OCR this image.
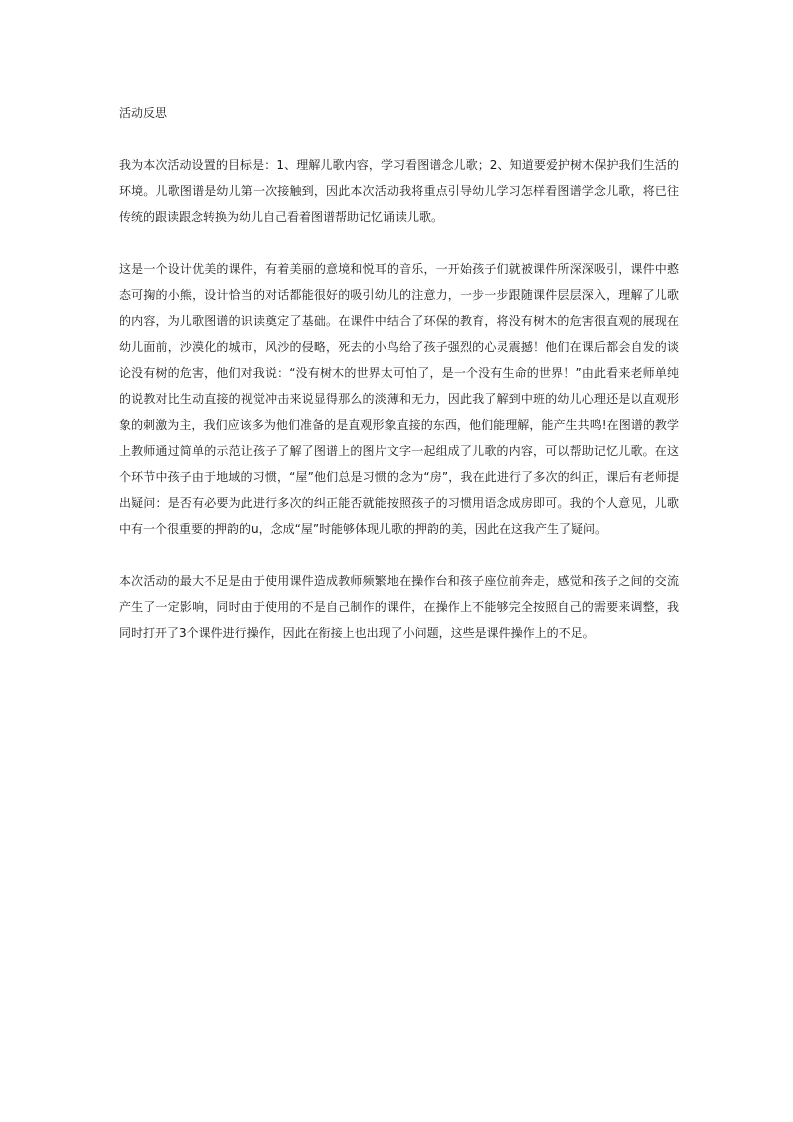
活动反思

我为本次活动设置的目标是：1、理解儿歌内容，学习看图谱念儿歌；2、知道要爱护树木保护我们生活的环境。儿歌图谱是幼儿第一次接触到，因此本次活动我将重点引导幼儿学习怎样看图谱学念儿歌，将已往传统的跟读跟念转换为幼儿自己看着图谱帮助记忆诵读儿歌。

这是一个设计优美的课件，有着美丽的意境和悦耳的音乐，一开始孩子们就被课件所深深吸引，课件中憨态可掬的小熊，设计恰当的对话都能很好的吸引幼儿的注意力，一步一步跟随课件层层深入，理解了儿歌的内容，为儿歌图谱的识读奠定了基础。在课件中结合了环保的教育，将没有树木的危害很直观的展现在幼儿面前，沙漠化的城市，风沙的侵略，死去的小鸟给了孩子强烈的心灵震撼！他们在课后都会自发的谈论没有树的危害，他们对我说：“没有树木的世界太可怕了，是一个没有生命的世界！”由此看来老师单纯的说教对比生动直接的视觉冲击来说显得那么的淡薄和无力，因此我了解到中班的幼儿心理还是以直观形象的刺激为主，我们应该多为他们准备的是直观形象直接的东西，他们能理解，能产生共鸣!在图谱的教学上教师通过简单的示范让孩子了解了图谱上的图片文字一起组成了儿歌的内容，可以帮助记忆儿歌。在这个环节中孩子由于地域的习惯，“屋”他们总是习惯的念为“房”，我在此进行了多次的纠正，课后有老师提出疑问：是否有必要为此进行多次的纠正能否就能按照孩子的习惯用语念成房即可。我的个人意见，儿歌中有一个很重要的押韵的u，念成“屋”时能够体现儿歌的押韵的美，因此在这我产生了疑问。

本次活动的最大不足是由于使用课件造成教师频繁地在操作台和孩子座位前奔走，感觉和孩子之间的交流产生了一定影响，同时由于使用的不是自己制作的课件，在操作上不能够完全按照自己的需要来调整，我同时打开了3个课件进行操作，因此在衔接上也出现了小问题，这些是课件操作上的不足。
